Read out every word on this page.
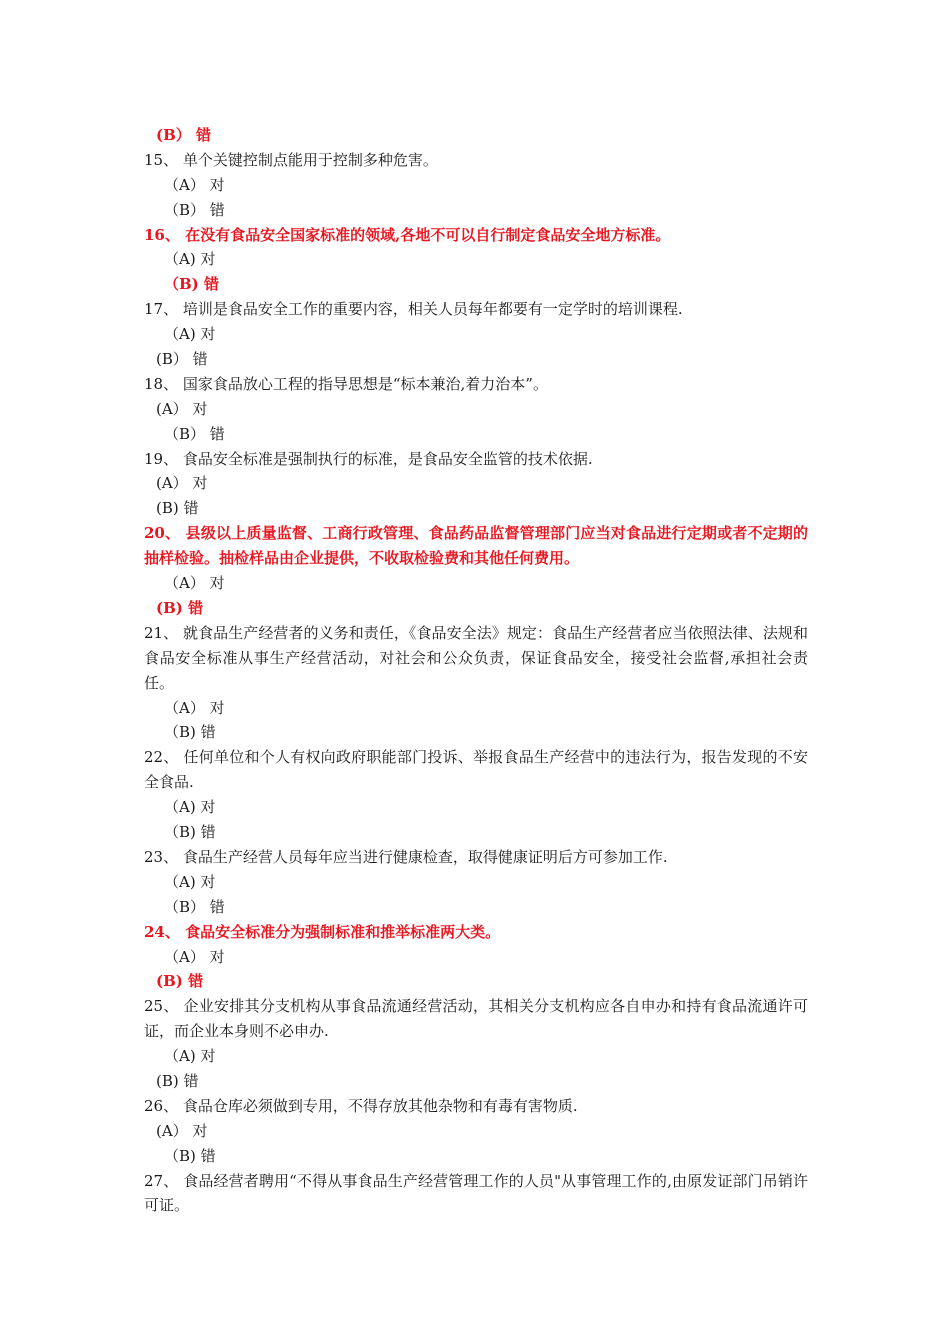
(B） 错
15、 单个关键控制点能用于控制多种危害。
（A） 对
（B） 错
16、 在没有食品安全国家标准的领域,各地不可以自行制定食品安全地方标准。
（A) 对
（B) 错
17、 培训是食品安全工作的重要内容，相关人员每年都要有一定学时的培训课程.
（A) 对
(B） 错
18、 国家食品放心工程的指导思想是“标本兼治,着力治本”。
(A） 对
（B） 错
19、 食品安全标准是强制执行的标准，是食品安全监管的技术依据.
(A） 对
(B) 错
20、 县级以上质量监督、工商行政管理、食品药品监督管理部门应当对食品进行定期或者不定期的抽样检验。抽检样品由企业提供，不收取检验费和其他任何费用。
（A） 对
(B) 错
21、 就食品生产经营者的义务和责任，《食品安全法》规定：食品生产经营者应当依照法律、法规和食品安全标准从事生产经营活动，对社会和公众负责，保证食品安全，接受社会监督,承担社会责任。
（A） 对
（B) 错
22、 任何单位和个人有权向政府职能部门投诉、举报食品生产经营中的违法行为，报告发现的不安全食品.
（A) 对
（B) 错
23、 食品生产经营人员每年应当进行健康检查，取得健康证明后方可参加工作.
（A) 对
（B） 错
24、 食品安全标准分为强制标准和推举标准两大类。
（A） 对
(B) 错
25、 企业安排其分支机构从事食品流通经营活动，其相关分支机构应各自申办和持有食品流通许可证，而企业本身则不必申办.
（A) 对
(B) 错
26、 食品仓库必须做到专用，不得存放其他杂物和有毒有害物质.
(A） 对
（B) 错
27、 食品经营者聘用“不得从事食品生产经营管理工作的人员"从事管理工作的,由原发证部门吊销许可证。
